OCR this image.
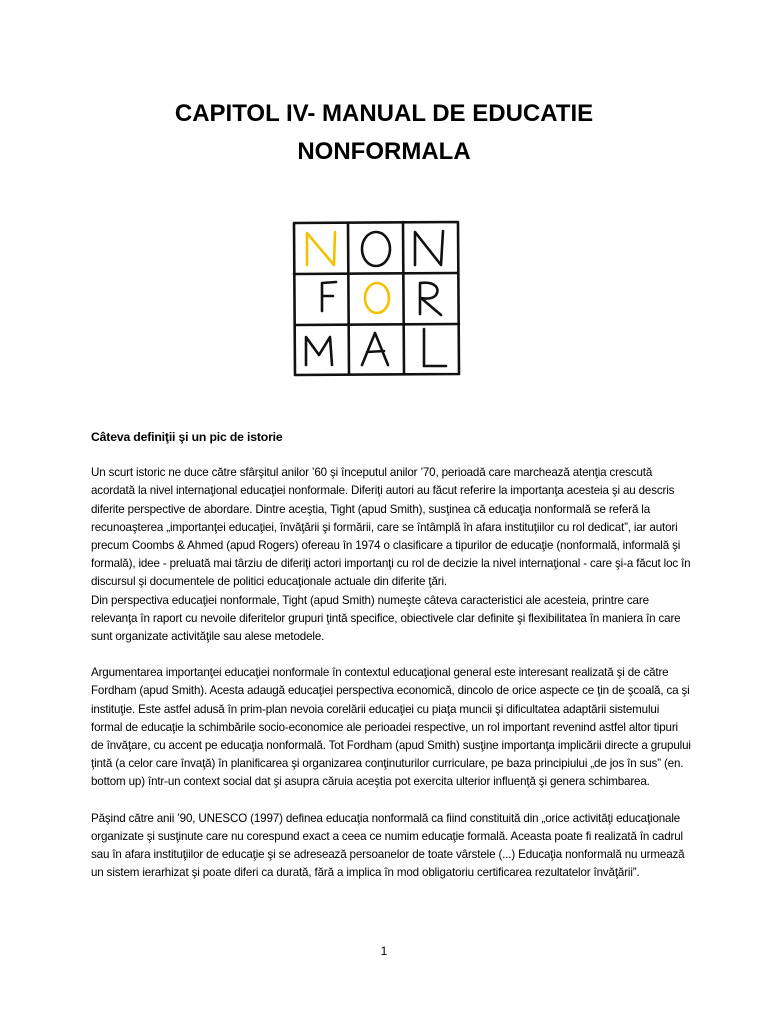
CAPITOL IV- MANUAL DE EDUCATIE
NONFORMALA

Câteva definiţii şi un pic de istorie

Un scurt istoric ne duce către sfârşitul anilor ’60 şi începutul anilor ’70, perioadă care marchează atenţia crescută acordată la nivel internaţional educaţiei nonformale. Diferiţi autori au făcut referire la importanţa acesteia şi au descris diferite perspective de abordare. Dintre aceştia, Tight (apud Smith), susţinea că educaţia nonformală se referă la recunoaşterea „importanţei educaţiei, învăţării şi formării, care se întâmplă în afara instituţiilor cu rol dedicat”, iar autori precum Coombs & Ahmed (apud Rogers) ofereau în 1974 o clasificare a tipurilor de educaţie (nonformală, informală şi formală), idee - preluată mai târziu de diferiţi actori importanţi cu rol de decizie la nivel internaţional - care şi-a făcut loc în discursul şi documentele de politici educaţionale actuale din diferite ţări.

Din perspectiva educaţiei nonformale, Tight (apud Smith) numeşte câteva caracteristici ale acesteia, printre care relevanţa în raport cu nevoile diferitelor grupuri ţintă specifice, obiectivele clar definite şi flexibilitatea în maniera în care sunt organizate activităţile sau alese metodele.

Argumentarea importanţei educaţiei nonformale în contextul educaţional general este interesant realizată şi de către Fordham (apud Smith). Acesta adaugă educaţiei perspectiva economică, dincolo de orice aspecte ce ţin de şcoală, ca şi instituţie. Este astfel adusă în prim-plan nevoia corelării educaţiei cu piaţa muncii şi dificultatea adaptării sistemului formal de educaţie la schimbările socio-economice ale perioadei respective, un rol important revenind astfel altor tipuri de învăţare, cu accent pe educaţia nonformală. Tot Fordham (apud Smith) susţine importanţa implicării directe a grupului ţintă (a celor care învaţă) în planificarea şi organizarea conţinuturilor curriculare, pe baza principiului „de jos în sus” (en. bottom up) într-un context social dat şi asupra căruia aceştia pot exercita ulterior influenţă şi genera schimbarea.

Păşind către anii ’90, UNESCO (1997) definea educaţia nonformală ca fiind constituită din „orice activităţi educaţionale organizate şi susţinute care nu corespund exact a ceea ce numim educaţie formală. Aceasta poate fi realizată în cadrul sau în afara instituţiilor de educaţie şi se adresează persoanelor de toate vârstele (...) Educaţia nonformală nu urmează un sistem ierarhizat şi poate diferi ca durată, fără a implica în mod obligatoriu certificarea rezultatelor învăţării”.

1
